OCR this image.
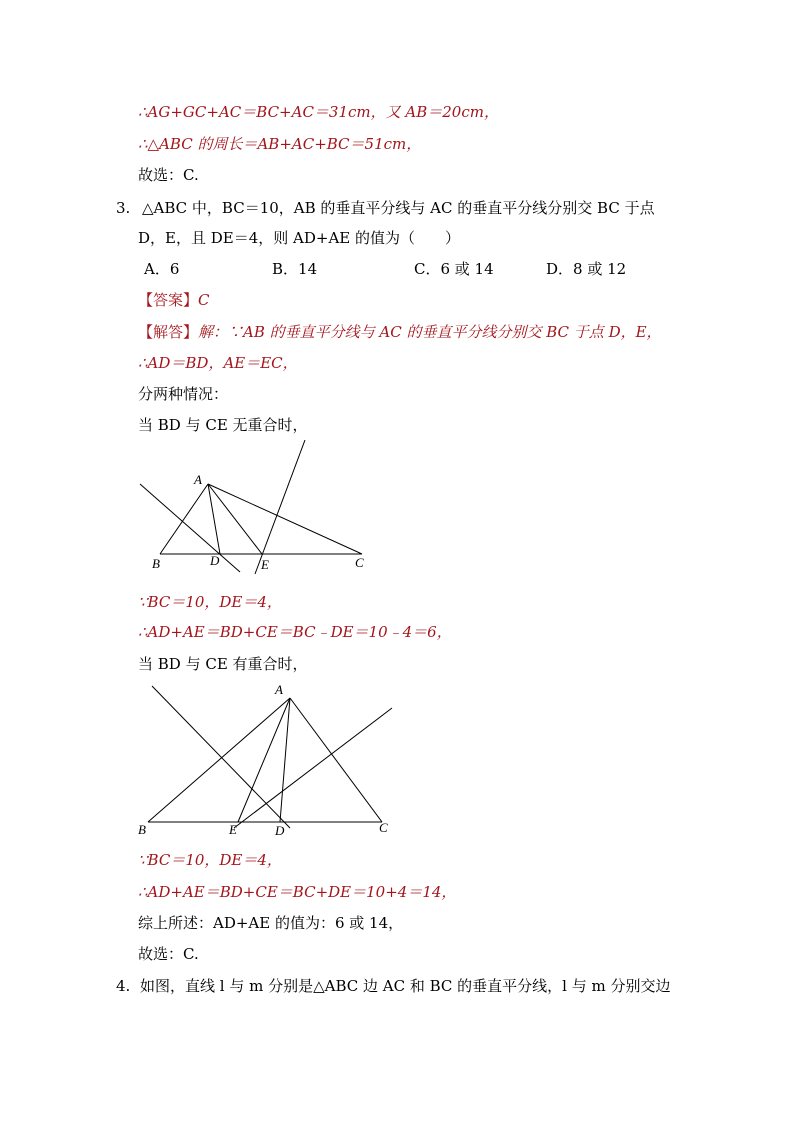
∴AG+GC+AC＝BC+AC＝31cm，又 AB＝20cm，
∴△ABC 的周长＝AB+AC+BC＝51cm，
故选：C.
3. △ABC 中，BC＝10，AB 的垂直平分线与 AC 的垂直平分线分别交 BC 于点
D，E，且 DE＝4，则 AD+AE 的值为（　　）
A．6	B．14	C．6 或 14	D．8 或 12
【答案】C
【解答】解：∵AB 的垂直平分线与 AC 的垂直平分线分别交 BC 于点 D，E，
∴AD＝BD，AE＝EC，
分两种情况：
当 BD 与 CE 无重合时，
A
B	D	E	C
∵BC＝10，DE＝4，
∴AD+AE＝BD+CE＝BC﹣DE＝10﹣4＝6，
当 BD 与 CE 有重合时，
A
B	E	D	C
∵BC＝10，DE＝4，
∴AD+AE＝BD+CE＝BC+DE＝10+4＝14，
综上所述：AD+AE 的值为：6 或 14，
故选：C.
4. 如图，直线 l 与 m 分别是△ABC 边 AC 和 BC 的垂直平分线，l 与 m 分别交边
